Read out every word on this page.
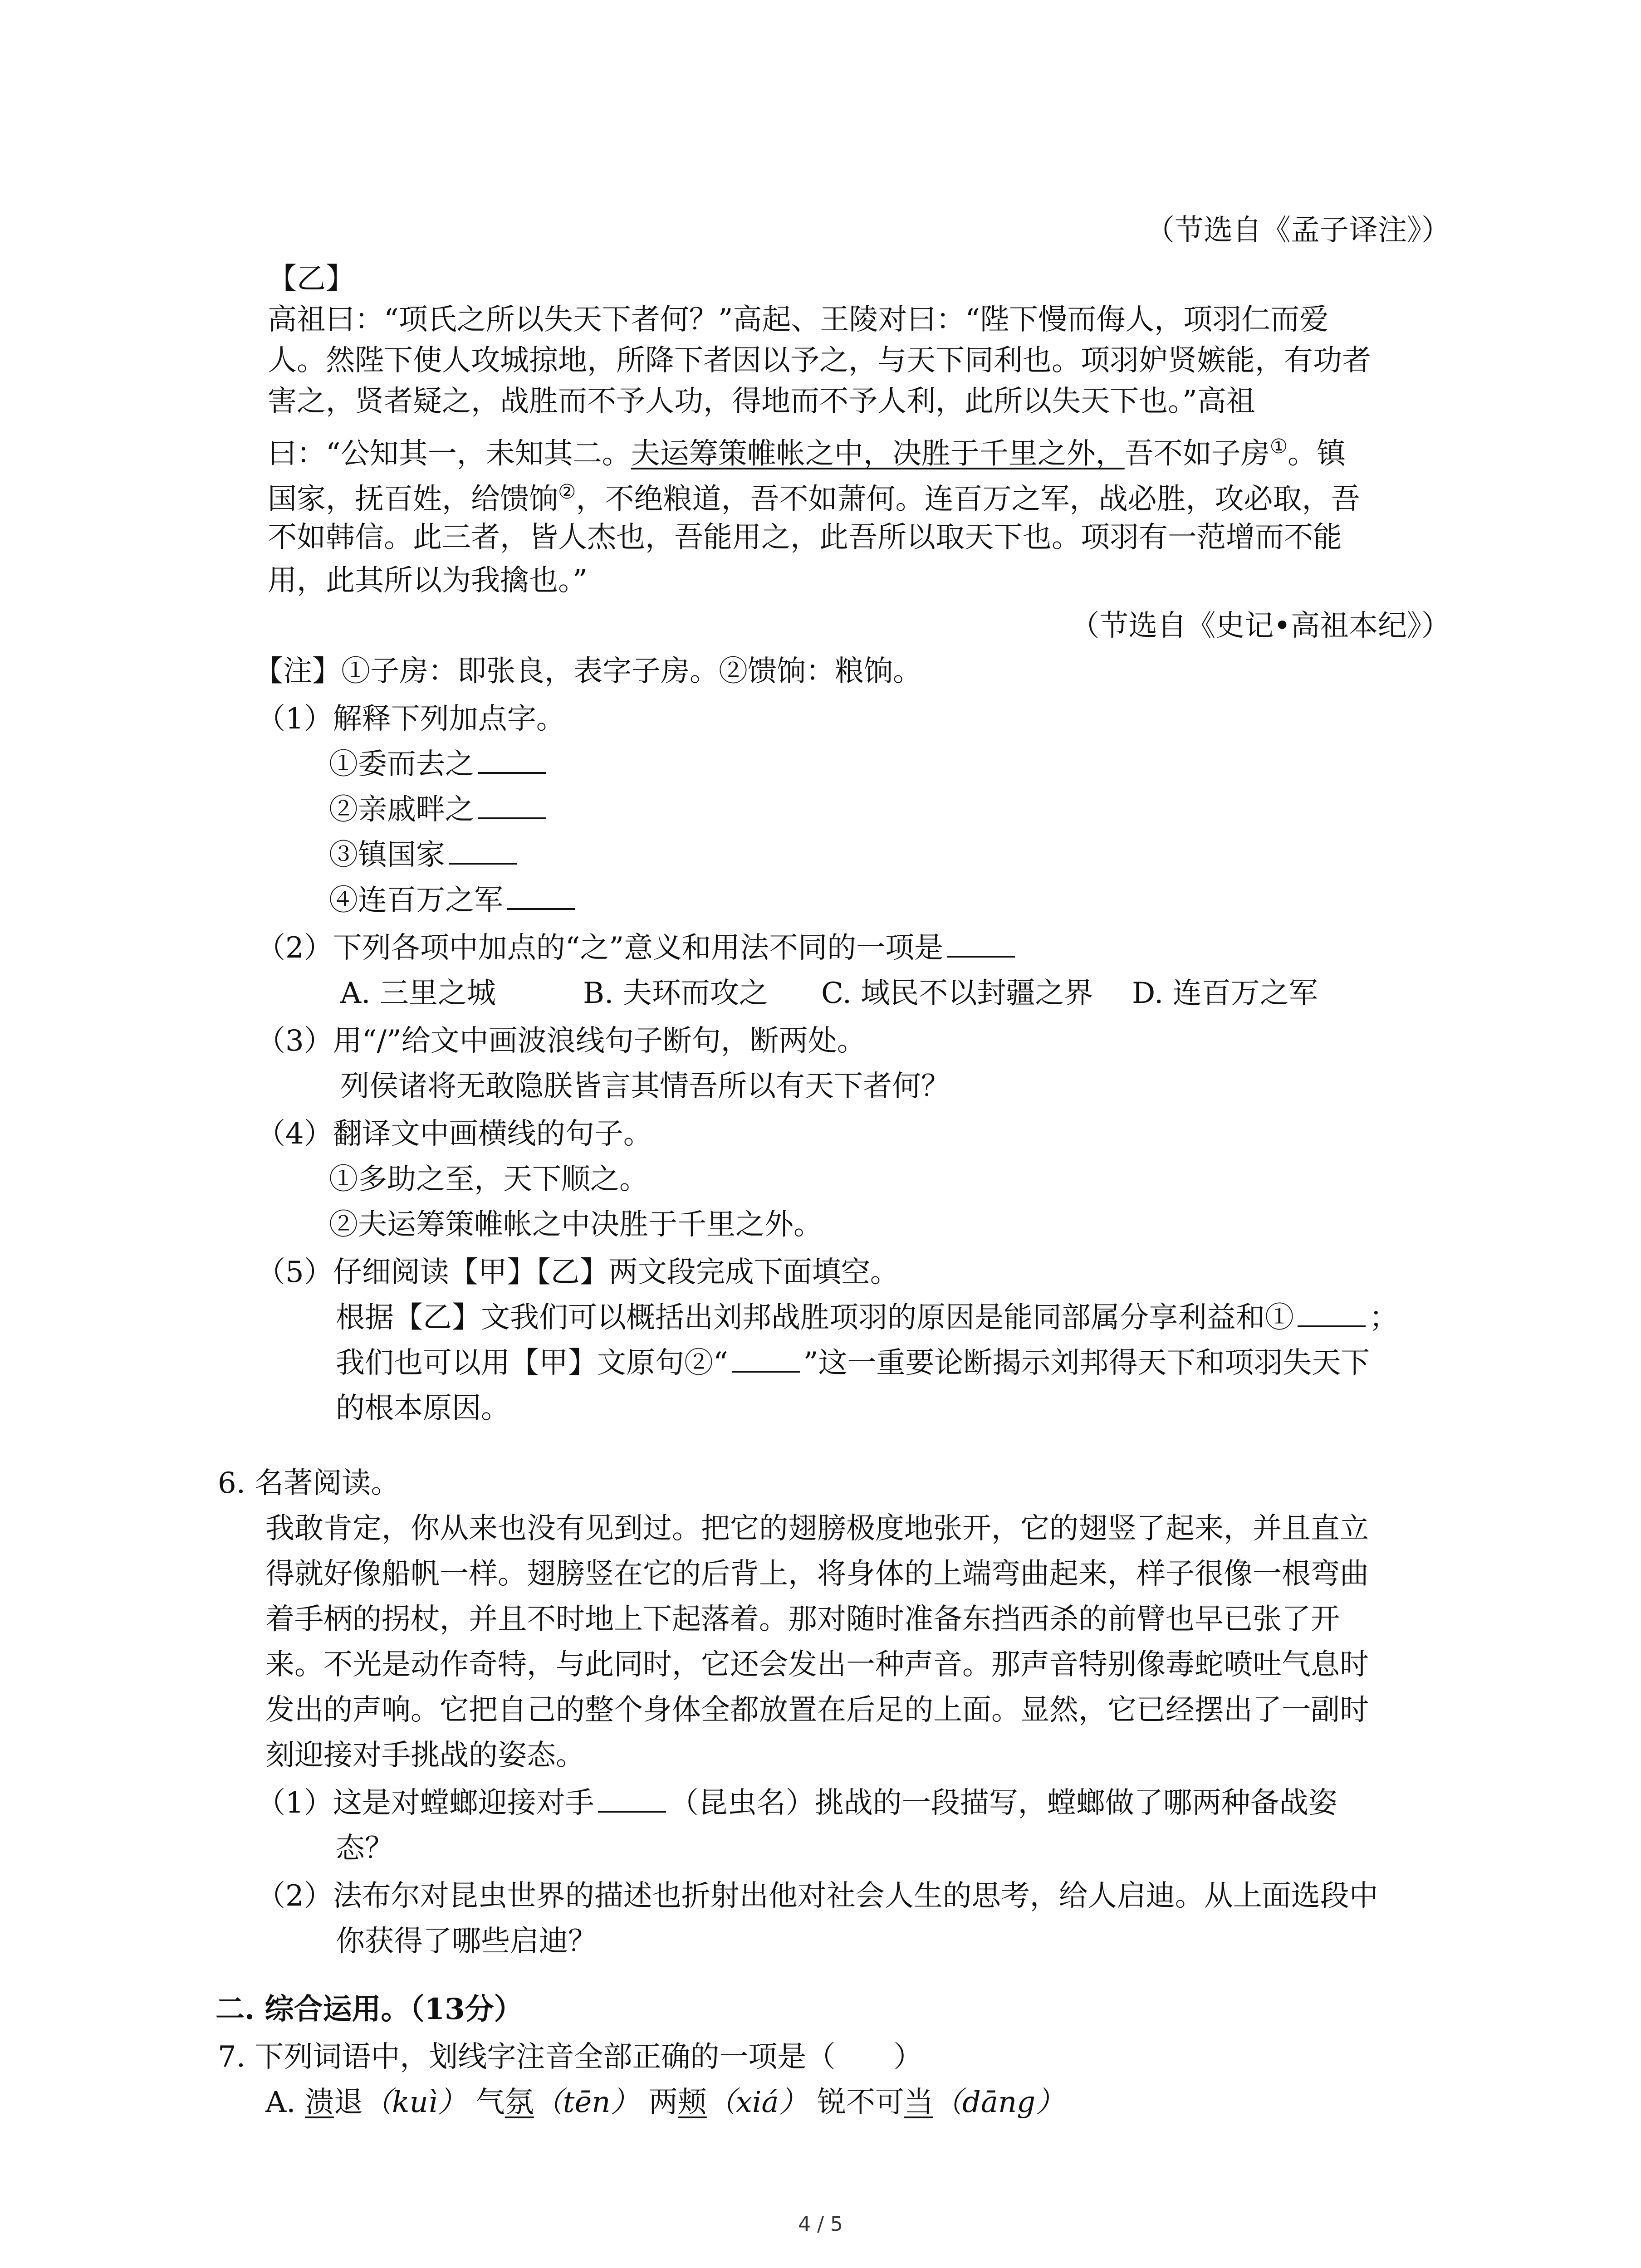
（节选自《孟子译注》）
【乙】
高祖曰：“项氏之所以失天下者何？”高起、王陵对曰：“陛下慢而侮人，项羽仁而爱
人。然陛下使人攻城掠地，所降下者因以予之，与天下同利也。项羽妒贤嫉能，有功者
害之，贤者疑之，战胜而不予人功，得地而不予人利，此所以失天下也。”高祖
曰：“公知其一，未知其二。夫运筹策帷帐之中，决胜于千里之外，吾不如子房①。镇
国家，抚百姓，给馈饷②，不绝粮道，吾不如萧何。连百万之军，战必胜，攻必取，吾
不如韩信。此三者，皆人杰也，吾能用之，此吾所以取天下也。项羽有一范增而不能
用，此其所以为我擒也。”
（节选自《史记•高祖本纪》）
【注】①子房：即张良，表字子房。②馈饷：粮饷。
（1）解释下列加点字。
①委而去之
②亲戚畔之
③镇国家
④连百万之军
（2）下列各项中加点的“之”意义和用法不同的一项是
A. 三里之城	B. 夫环而攻之 C. 域民不以封疆之界 D. 连百万之军
（3）用“/”给文中画波浪线句子断句，断两处。
列侯诸将无敢隐朕皆言其情吾所以有天下者何？
（4）翻译文中画横线的句子。
①多助之至，天下顺之。
②夫运筹策帷帐之中决胜于千里之外。
（5）仔细阅读【甲】【乙】两文段完成下面填空。
根据【乙】文我们可以概括出刘邦战胜项羽的原因是能同部属分享利益和①	；
我们也可以用【甲】文原句②“	”这一重要论断揭示刘邦得天下和项羽失天下
的根本原因。
6. 名著阅读。
我敢肯定，你从来也没有见到过。把它的翅膀极度地张开，它的翅竖了起来，并且直立
得就好像船帆一样。翅膀竖在它的后背上，将身体的上端弯曲起来，样子很像一根弯曲
着手柄的拐杖，并且不时地上下起落着。那对随时准备东挡西杀的前臂也早已张了开
来。不光是动作奇特，与此同时，它还会发出一种声音。那声音特别像毒蛇喷吐气息时
发出的声响。它把自己的整个身体全都放置在后足的上面。显然，它已经摆出了一副时
刻迎接对手挑战的姿态。
（1）这是对螳螂迎接对手	（昆虫名）挑战的一段描写，螳螂做了哪两种备战姿
态？
（2）法布尔对昆虫世界的描述也折射出他对社会人生的思考，给人启迪。从上面选段中
你获得了哪些启迪？
二. 综合运用。（13分）
7. 下列词语中，划线字注音全部正确的一项是（　　）
A. 溃退（kuì） 气氛（tēn） 两颊（xiá） 锐不可当（dāng）
4 / 5
